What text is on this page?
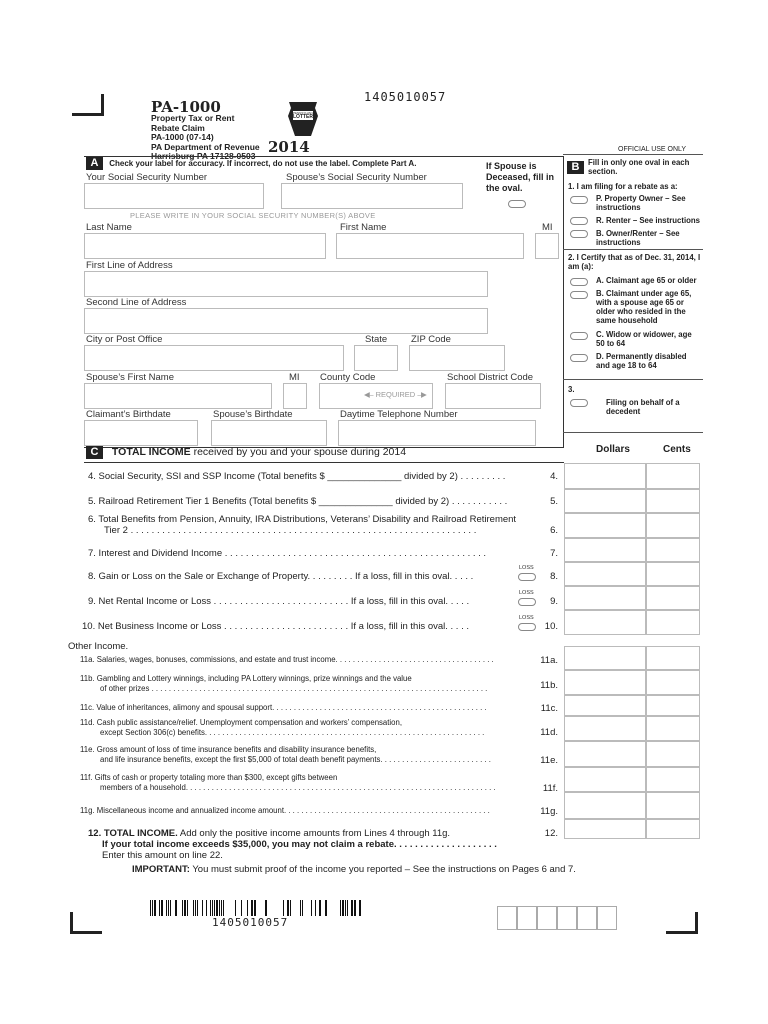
1405010057
PA-1000
Property Tax or Rent
Rebate Claim
PA-1000 (07-14)
PA Department of Revenue
Harrisburg PA 17128-0503
PENNSYLVANIA
LOTTERY
2014	OFFICIAL USE ONLY
A Check your label for accuracy. If incorrect, do not use the label. Complete Part A.
Your Social Security Number	Spouse’s Social Security Number
If Spouse is Deceased, fill in the oval.
PLEASE WRITE IN YOUR SOCIAL SECURITY NUMBER(S) ABOVE
Last Name	First Name	MI
First Line of Address
Second Line of Address
City or Post Office	State	ZIP Code
Spouse’s First Name	MI County Code
◀⎯ REQUIRED ⎯▶
School District Code
Claimant’s Birthdate	Spouse’s Birthdate	Daytime Telephone Number
B	Fill in only one oval in each section.
1. I am filing for a rebate as a:
P. Property Owner – See instructions
R. Renter – See instructions
B. Owner/Renter – See instructions
2. I Certify that as of Dec. 31, 2014, I am (a):
A. Claimant age 65 or older
B. Claimant under age 65, with a spouse age 65 or older who resided in the same household
C. Widow or widower, age 50 to 64
D. Permanently disabled and age 18 to 64
3.
Filing on behalf of a decedent
C TOTAL INCOME received by you and your spouse during 2014	Dollars	Cents
4. Social Security, SSI and SSP Income (Total benefits $ ______________ divided by 2) . . . . . . . . .	4.
5. Railroad Retirement Tier 1 Benefits (Total benefits $ ______________ divided by 2) . . . . . . . . . . .	5.
6. Total Benefits from Pension, Annuity, IRA Distributions, Veterans’ Disability and Railroad Retirement
Tier 2 . . . . . . . . . . . . . . . . . . . . . . . . . . . . . . . . . . . . . . . . . . . . . . . . . . . . . . . . . . . . . . . . . .	6.
7. Interest and Dividend Income . . . . . . . . . . . . . . . . . . . . . . . . . . . . . . . . . . . . . . . . . . . . . . . . . .	7.
8. Gain or Loss on the Sale or Exchange of Property. . . . . . . . . If a loss, fill in this oval. . . . .
LOSS
8.
9. Net Rental Income or Loss . . . . . . . . . . . . . . . . . . . . . . . . . . If a loss, fill in this oval. . . . .
LOSS
9.
10. Net Business Income or Loss . . . . . . . . . . . . . . . . . . . . . . . . If a loss, fill in this oval. . . . .
LOSS
10.
Other Income.
11a. Salaries, wages, bonuses, commissions, and estate and trust income. . . . . . . . . . . . . . . . . . . . . . . . . . . . . . . . . . . . .	11a.
11b. Gambling and Lottery winnings, including PA Lottery winnings, prize winnings and the value
of other prizes . . . . . . . . . . . . . . . . . . . . . . . . . . . . . . . . . . . . . . . . . . . . . . . . . . . . . . . . . . . . . . . . . . . . . . . . . . . . . .	11b.
11c. Value of inheritances, alimony and spousal support. . . . . . . . . . . . . . . . . . . . . . . . . . . . . . . . . . . . . . . . . . . . . . . . . .	11c.
11d. Cash public assistance/relief. Unemployment compensation and workers’ compensation,
except Section 306(c) benefits. . . . . . . . . . . . . . . . . . . . . . . . . . . . . . . . . . . . . . . . . . . . . . . . . . . . . . . . . . . . . . . . .	11d.
11e. Gross amount of loss of time insurance benefits and disability insurance benefits,
and life insurance benefits, except the first $5,000 of total death benefit payments. . . . . . . . . . . . . . . . . . . . . . . . . .	11e.
11f. Gifts of cash or property totaling more than $300, except gifts between
members of a household. . . . . . . . . . . . . . . . . . . . . . . . . . . . . . . . . . . . . . . . . . . . . . . . . . . . . . . . . . . . . . . . . . . . . . . .	11f.
11g. Miscellaneous income and annualized income amount. . . . . . . . . . . . . . . . . . . . . . . . . . . . . . . . . . . . . . . . . . . . . . . .	11g.
12. TOTAL INCOME. Add only the positive income amounts from Lines 4 through 11g.	12.
If your total income exceeds $35,000, you may not claim a rebate. . . . . . . . . . . . . . . . . . . .
Enter this amount on line 22.
IMPORTANT: You must submit proof of the income you reported – See the instructions on Pages 6 and 7.
1405010057
